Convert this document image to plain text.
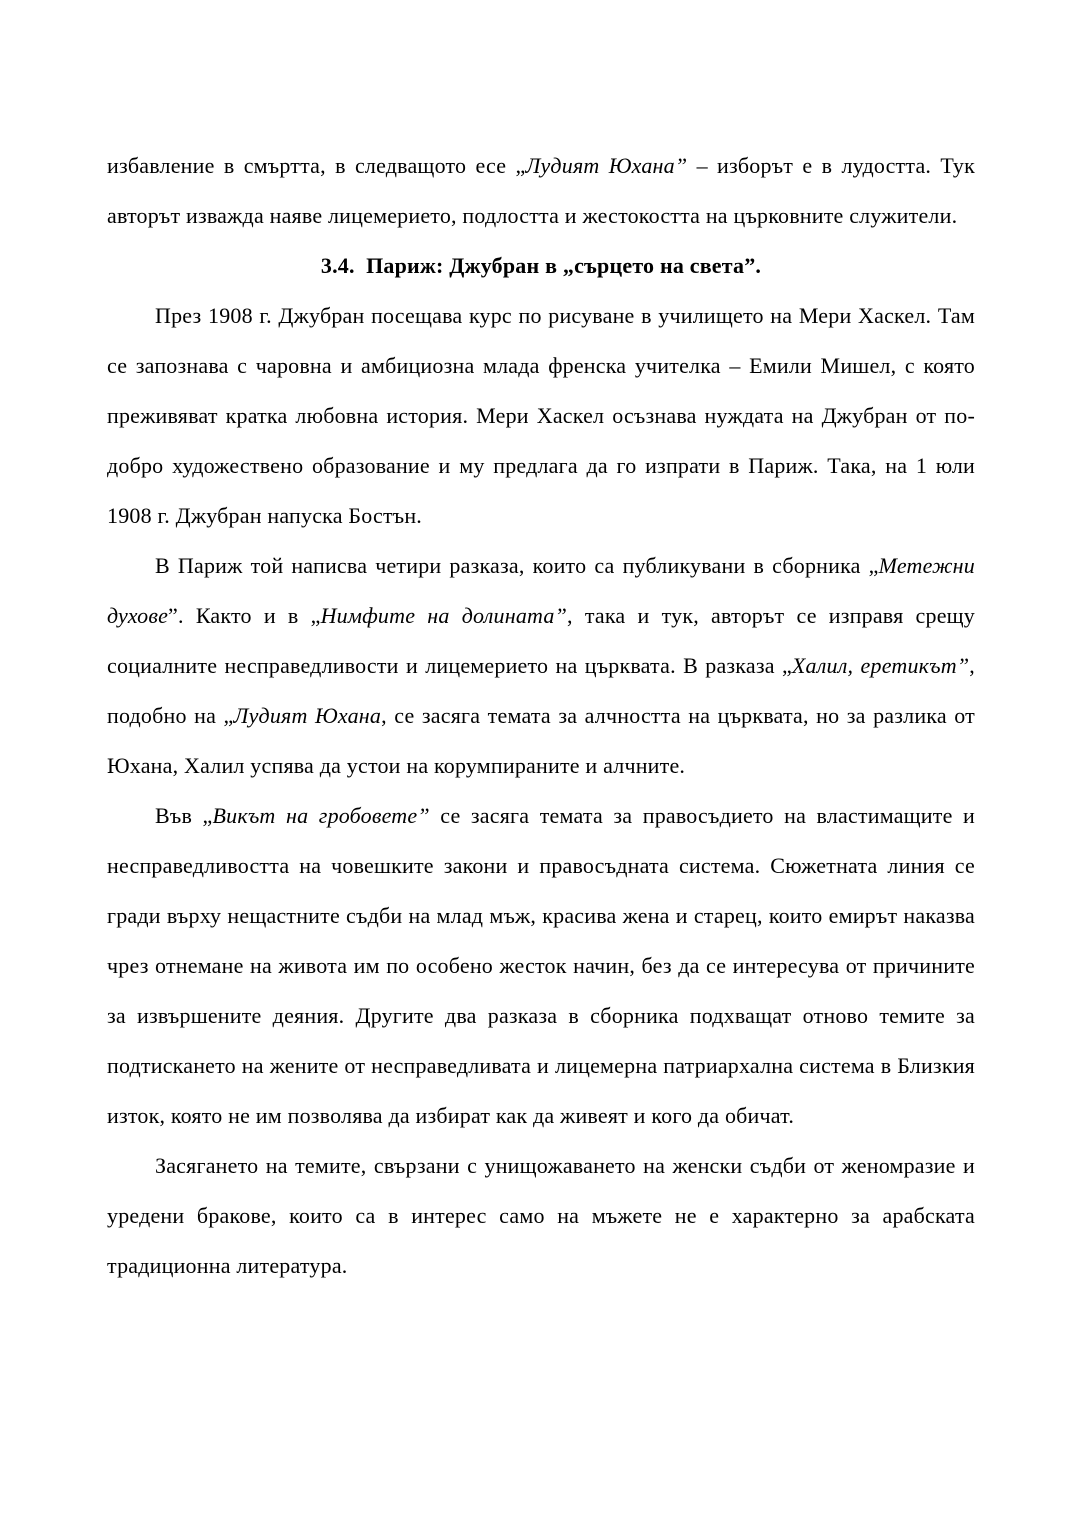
избавление в смъртта, в следващото есе „Лудият Юхана” – изборът е в лудостта. Тук авторът изважда наяве лицемерието, подлостта и жестокостта на църковните служители.

3.4.  Париж: Джубран в „сърцето на света”.

През 1908 г. Джубран посещава курс по рисуване в училището на Мери Хаскел. Там се запознава с чаровна и амбициозна млада френска учителка – Емили Мишел, с която преживяват кратка любовна история. Мери Хаскел осъзнава нуждата на Джубран от по-добро художествено образование и му предлага да го изпрати в Париж. Така, на 1 юли 1908 г. Джубран напуска Бостън.

В Париж той написва четири разказа, които са публикувани в сборника „Метежни духове”. Както и в „Нимфите на долината”, така и тук, авторът се изправя срещу социалните несправедливости и лицемерието на църквата. В разказа „Халил, еретикът”, подобно на „Лудият Юхана, се засяга темата за алчността на църквата, но за разлика от Юхана, Халил успява да устои на корумпираните и алчните.

Във „Викът на гробовете” се засяга темата за правосъдието на властимащите и несправедливостта на човешките закони и правосъдната система. Сюжетната линия се гради върху нещастните съдби на млад мъж, красива жена и старец, които емирът наказва чрез отнемане на живота им по особено жесток начин, без да се интересува от причините за извършените деяния. Другите два разказа в сборника подхващат отново темите за подтискането на жените от несправедливата и лицемерна патриархална система в Близкия изток, която не им позволява да избират как да живеят и кого да обичат.

Засягането на темите, свързани с унищожаването на женски съдби от женомразие и уредени бракове, които са в интерес само на мъжете не е характерно за арабската традиционна литература.
